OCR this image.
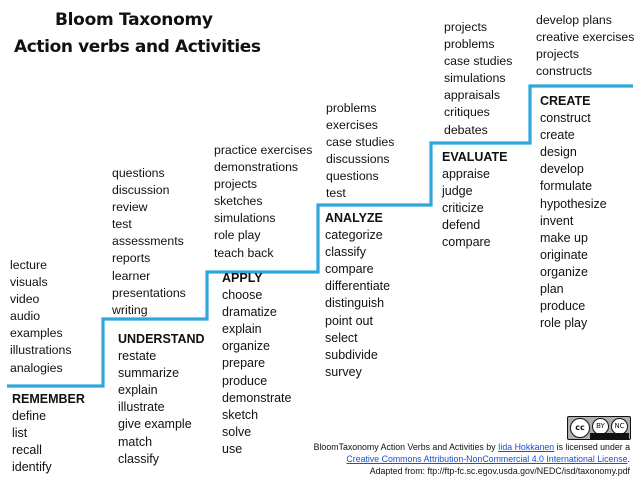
Bloom Taxonomy
Action verbs and Activities
lecture
visuals
video
audio
examples
illustrations
analogies
questions
discussion
review
test
assessments
reports
learner
presentations
writing
practice exercises
demonstrations
projects
sketches
simulations
role play
teach back
problems
exercises
case studies
discussions
questions
test
projects
problems
case studies
simulations
appraisals
critiques
debates
develop plans
creative exercises
projects
constructs
REMEMBER
define
list
recall
identify
UNDERSTAND
restate
summarize
explain
illustrate
give example
match
classify
APPLY
choose
dramatize
explain
organize
prepare
produce
demonstrate
sketch
solve
use
ANALYZE
categorize
classify
compare
differentiate
distinguish
point out
select
subdivide
survey
EVALUATE
appraise
judge
criticize
defend
compare
CREATE
construct
create
design
develop
formulate
hypothesize
invent
make up
originate
organize
plan
produce
role play
cc	BY	NC
BloomTaxonomy Action Verbs and Activities by Iida Hokkanen is licensed under a
Creative Commons Attribution-NonCommercial 4.0 International License.
Adapted from: ftp://ftp-fc.sc.egov.usda.gov/NEDC/isd/taxonomy.pdf
